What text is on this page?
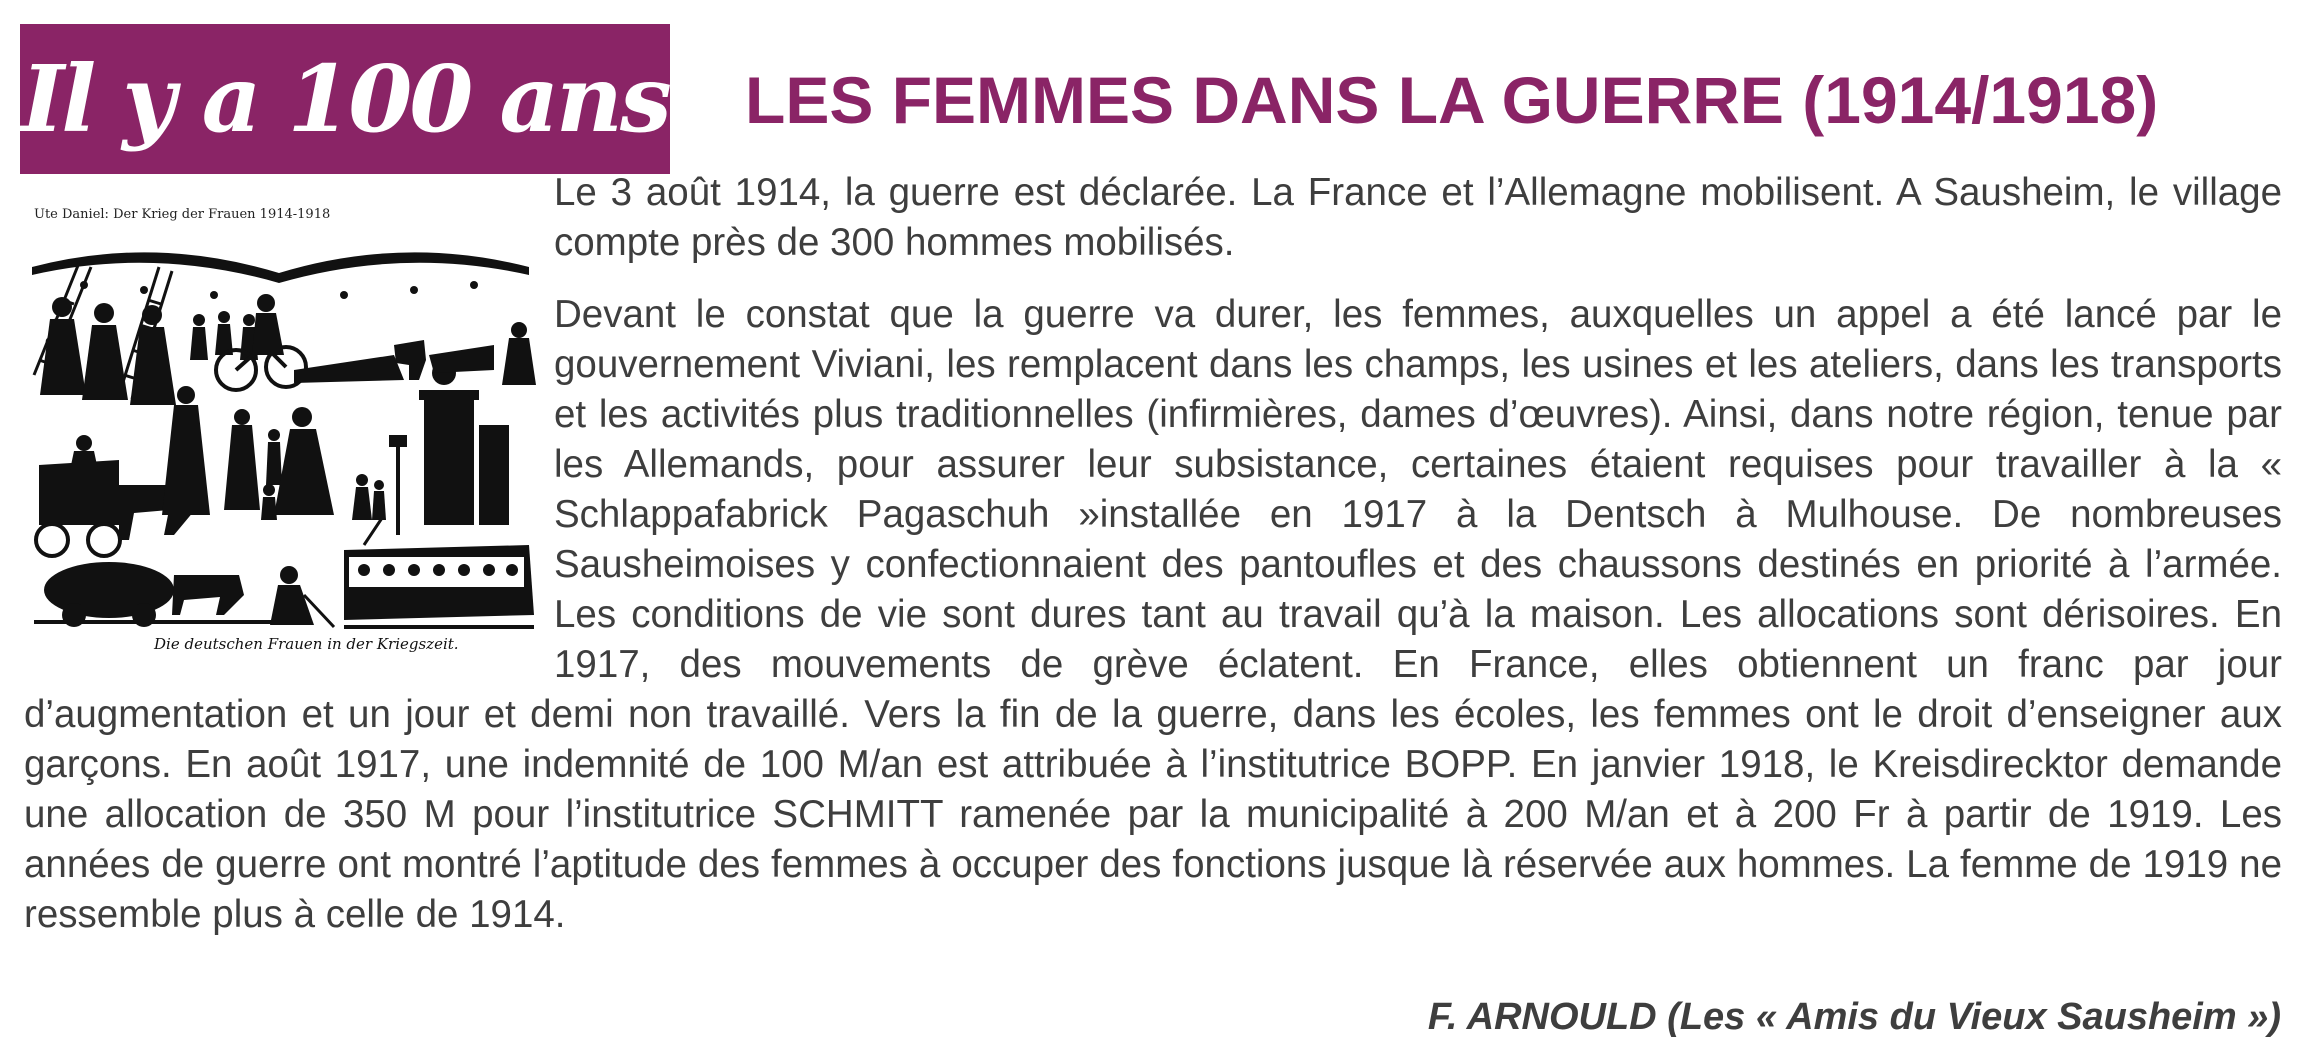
Il y a 100 ans LES FEMMES DANS LA GUERRE (1914/1918)
Ute Daniel: Der Krieg der Frauen 1914-1918
Die deutschen Frauen in der Kriegszeit.

Le 3 août 1914, la guerre est déclarée. La France et l’Allemagne mobilisent. A Sausheim, le village compte près de 300 hommes mobilisés.

Devant le constat que la guerre va durer, les femmes, auxquelles un appel a été lancé par le gouvernement Viviani, les remplacent dans les champs, les usines et les ateliers, dans les transports et les activités plus traditionnelles (infirmières, dames d’œuvres). Ainsi, dans notre région, tenue par les Allemands, pour assurer leur subsistance, certaines étaient requises pour travailler à la « Schlappafabrick Pagaschuh »installée en 1917 à la Dentsch à Mulhouse. De nombreuses Sausheimoises y confectionnaient des pantoufles et des chaussons destinés en priorité à l’armée. Les conditions de vie sont dures tant au travail qu’à la maison. Les allocations sont dérisoires. En 1917, des mouvements de grève éclatent. En France, elles obtiennent un franc par jour d’augmentation et un jour et demi non travaillé. Vers la fin de la guerre, dans les écoles, les femmes ont le droit d’enseigner aux garçons. En août 1917, une indemnité de 100 M/an est attribuée à l’institutrice BOPP. En janvier 1918, le Kreisdirecktor demande une allocation de 350 M pour l’institutrice SCHMITT ramenée par la municipalité à 200 M/an et à 200 Fr à partir de 1919. Les années de guerre ont montré l’aptitude des femmes à occuper des fonctions jusque là réservée aux hommes. La femme de 1919 ne ressemble plus à celle de 1914.

F. ARNOULD (Les « Amis du Vieux Sausheim »)
